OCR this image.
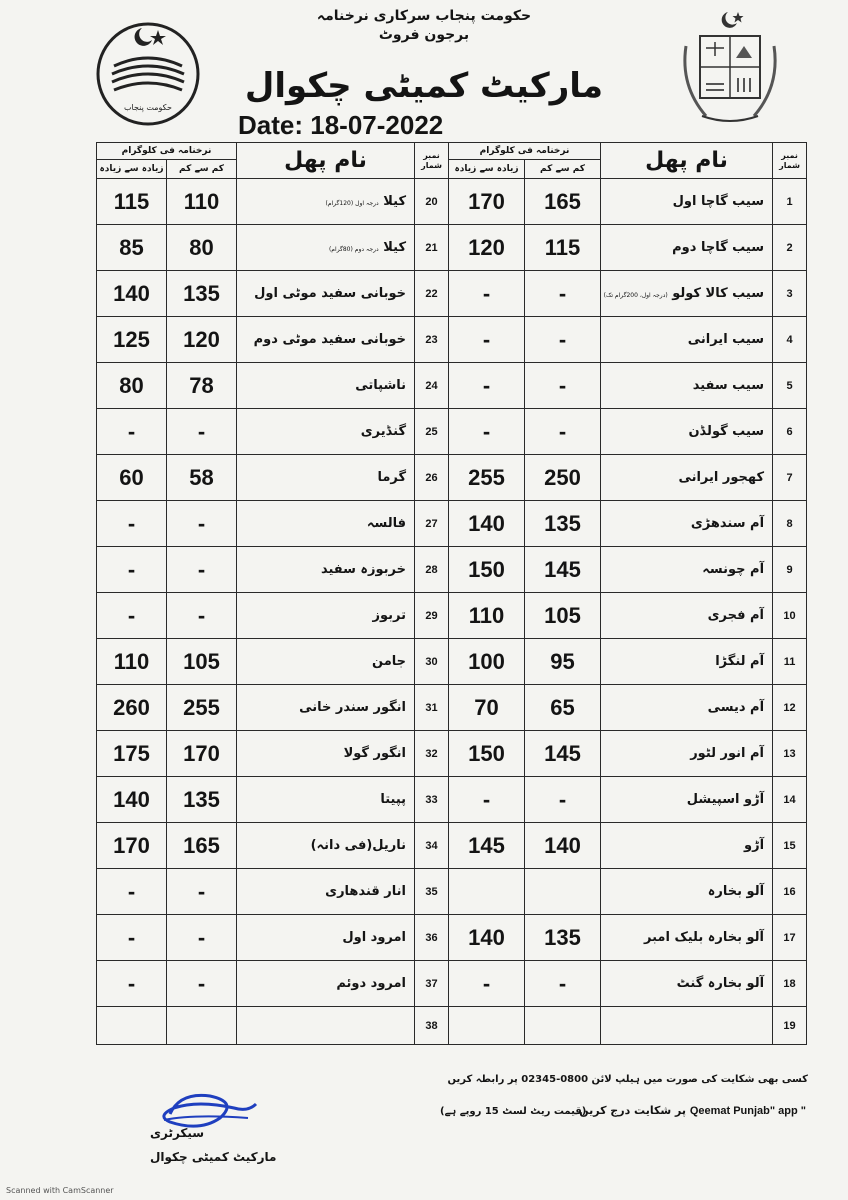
حکومت پنجاب سرکاری نرخنامہ
برجون فروٹ
حکومت پنجاب
مارکیٹ کمیٹی چکوال
Date: 18-07-2022
نرخنامہ فی کلوگرام		نام پھل	نمبر شمار	نرخنامہ فی کلوگرام		نام پھل	نمبر شمار
زیادہ سے زیادہ	کم سے کم			زیادہ سے زیادہ	کم سے کم		
115	110	کیلا درجہ اول (120گرام)	20	170	165	سیب گاچا اول	1
85	80	کیلا درجہ دوم (80گرام)	21	120	115	سیب گاچا دوم	2
140	135	خوبانی سفید موٹی اول	22	-	-	سیب کالا کولو (درجہ اول، 200گرام تک)	3
125	120	خوبانی سفید موٹی دوم	23	-	-	سیب ایرانی	4
80	78	ناشپاتی	24	-	-	سیب سفید	5
-	-	گنڈیری	25	-	-	سیب گولڈن	6
60	58	گرما	26	255	250	کھجور ایرانی	7
-	-	فالسہ	27	140	135	آم سندھڑی	8
-	-	خربوزہ سفید	28	150	145	آم چونسہ	9
-	-	تربوز	29	110	105	آم فجری	10
110	105	جامن	30	100	95	آم لنگڑا	11
260	255	انگور سندر خانی	31	70	65	آم دیسی	12
175	170	انگور گولا	32	150	145	آم انور لٹور	13
140	135	پپیتا	33	-	-	آڑو اسپیشل	14
170	165	ناریل(فی دانہ)	34	145	140	آڑو	15
-	-	انار قندھاری	35			آلو بخارہ	16
-	-	امرود اول	36	140	135	آلو بخارہ بلیک امبر	17
-	-	امرود دوئم	37	-	-	آلو بخارہ گنٹ	18
			38				19
کسی بھی شکایت کی صورت میں ہیلپ لائن 0800-02345 پر رابطہ کریں
" Qeemat Punjab" app پر شکایت درج کریں۔
(قیمت ریٹ لسٹ 15 روپے ہے)
سیکرٹری
مارکیٹ کمیٹی چکوال
Scanned with CamScanner
